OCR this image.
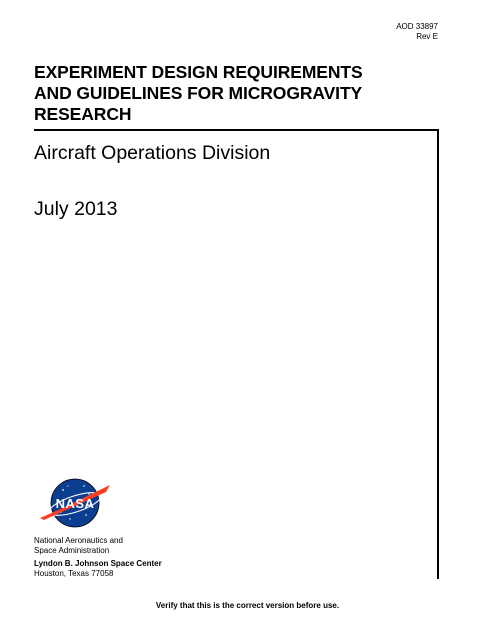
AOD 33897
Rev E
EXPERIMENT DESIGN REQUIREMENTS
AND GUIDELINES FOR MICROGRAVITY
RESEARCH
Aircraft Operations Division
July 2013
NASA
National Aeronautics and
Space Administration
Lyndon B. Johnson Space Center
Houston, Texas 77058
Verify that this is the correct version before use.
